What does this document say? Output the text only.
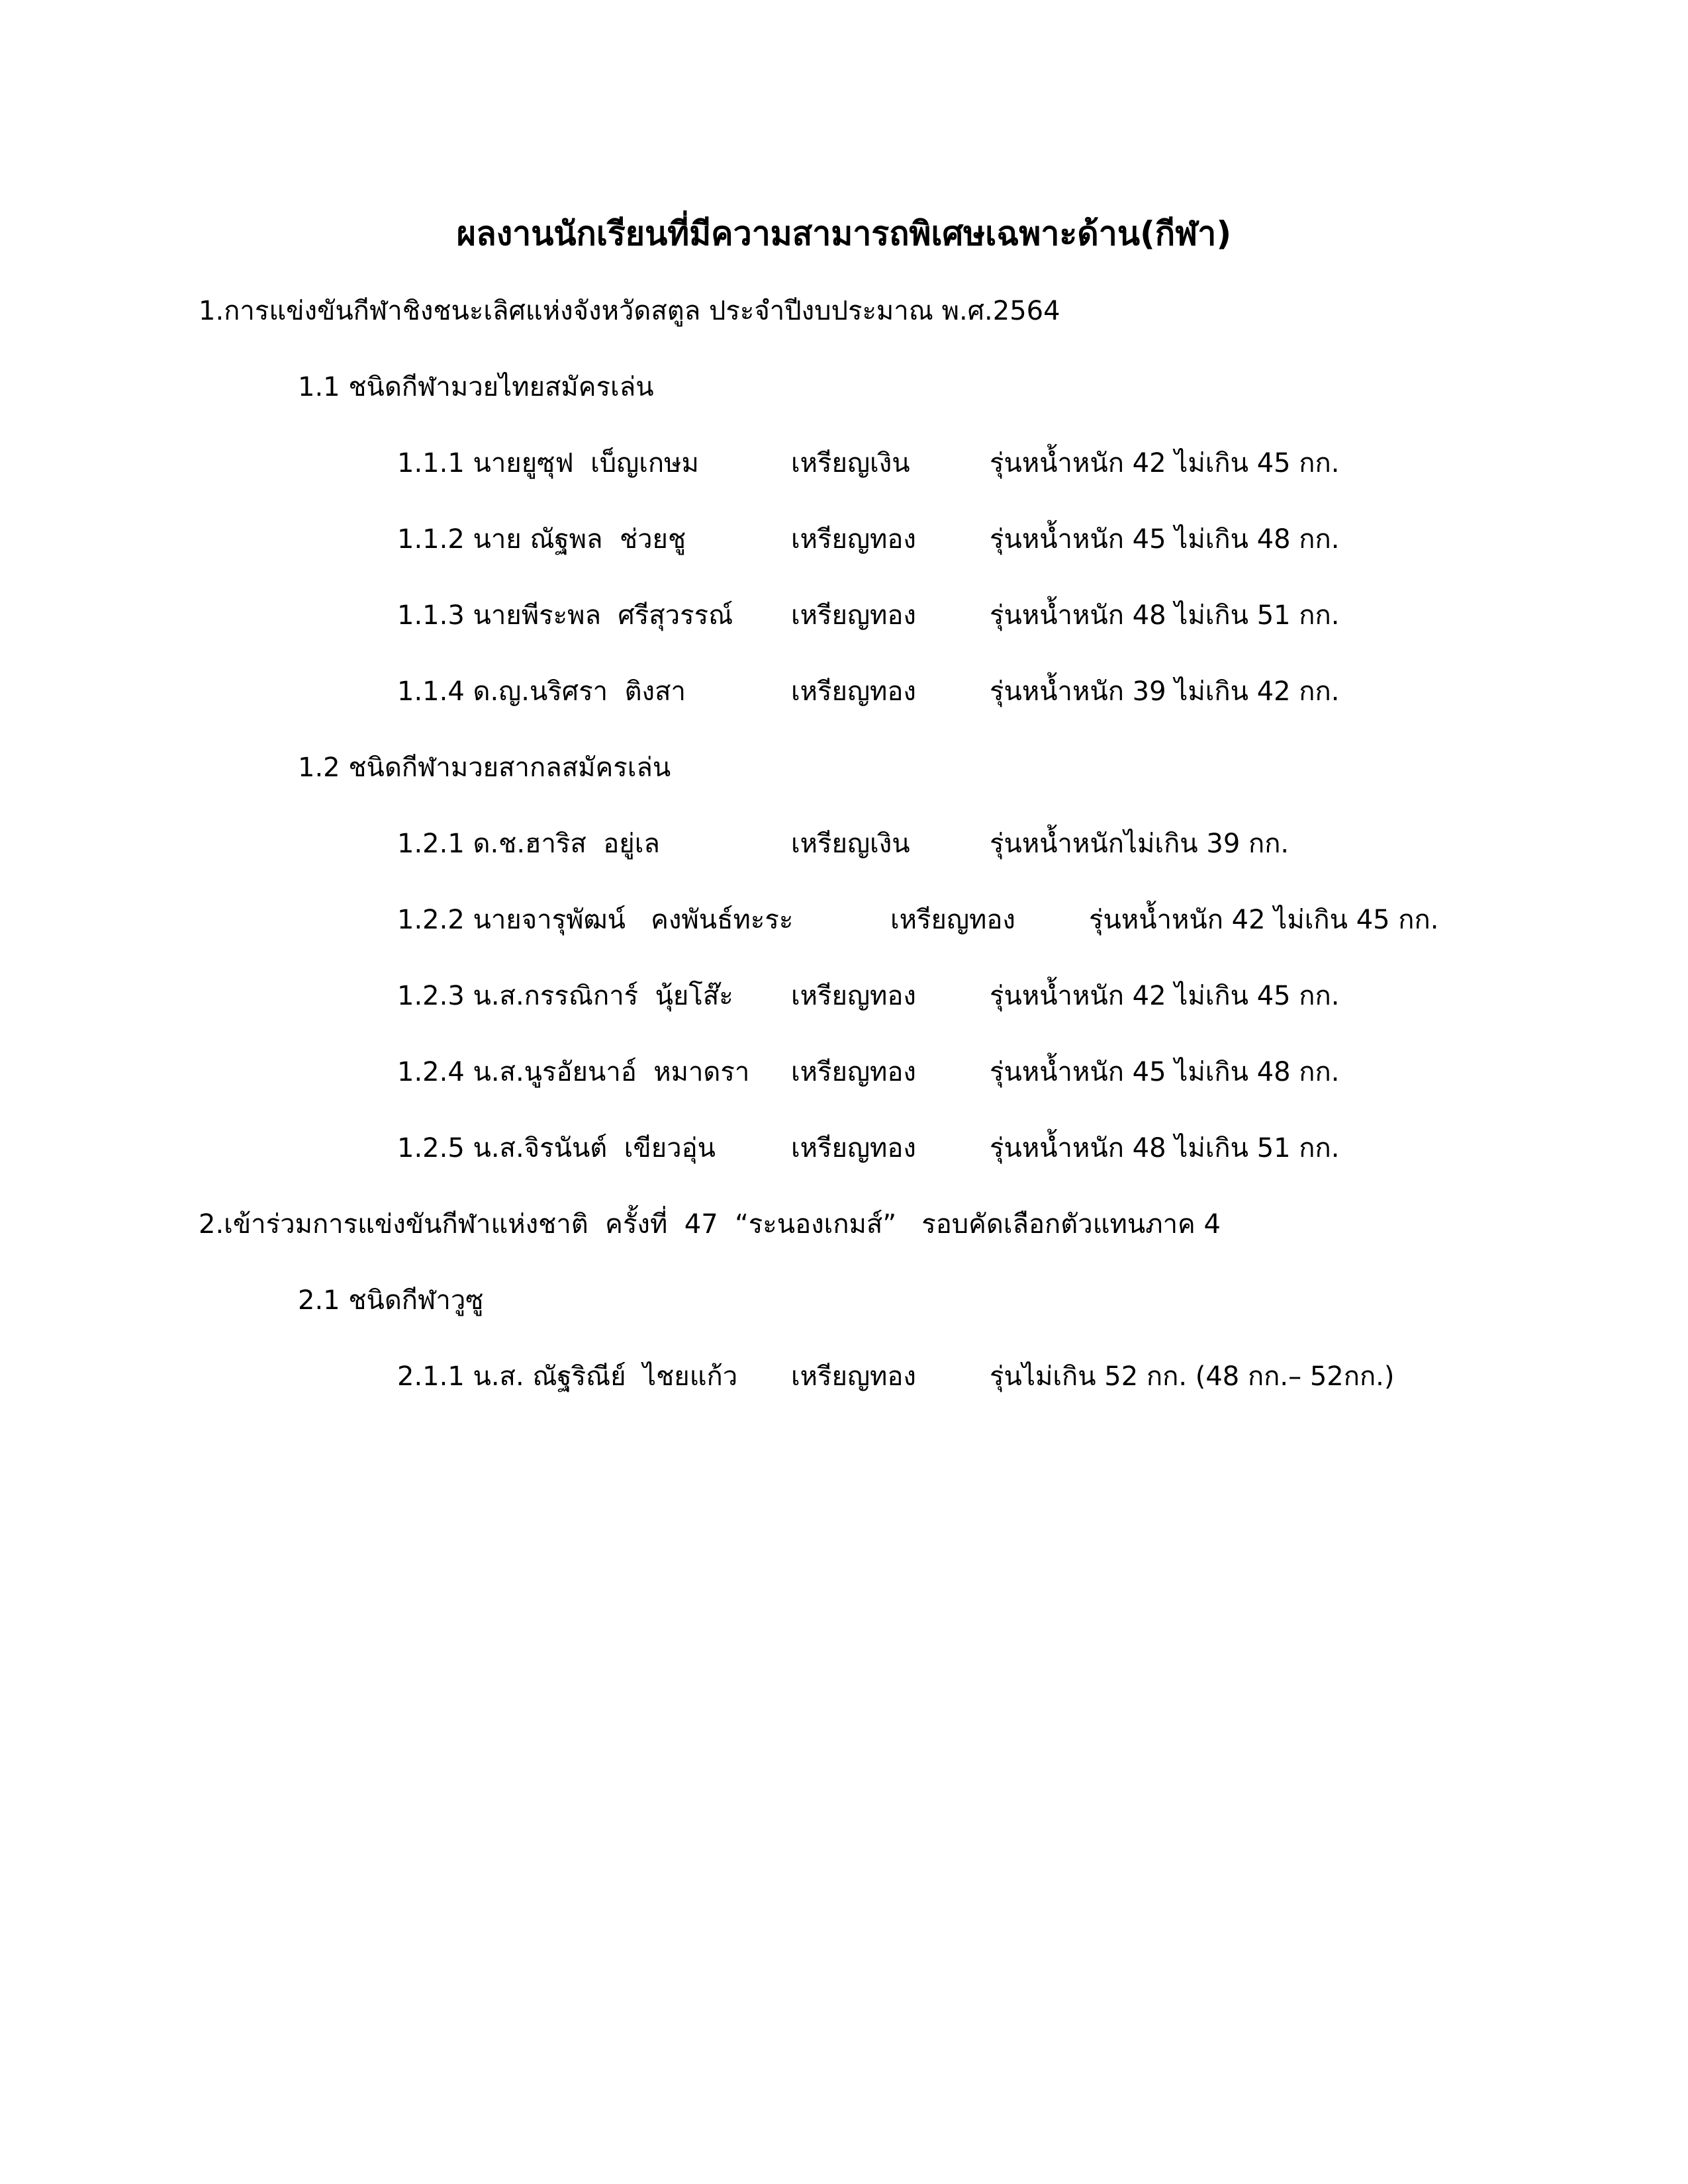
ผลงานนักเรียนที่มีความสามารถพิเศษเฉพาะด้าน(กีฬา)
1.การแข่งขันกีฬาชิงชนะเลิศแห่งจังหวัดสตูล ประจำปีงบประมาณ พ.ศ.2564
1.1 ชนิดกีฬามวยไทยสมัครเล่น
1.1.1 นายยูซุฟ  เบ็ญเกษม	เหรียญเงิน	รุ่นหน้ำหนัก 42 ไม่เกิน 45 กก.
1.1.2 นาย ณัฐพล  ช่วยชู	เหรียญทอง	รุ่นหน้ำหนัก 45 ไม่เกิน 48 กก.
1.1.3 นายพีระพล  ศรีสุวรรณ์ เหรียญทอง	รุ่นหน้ำหนัก 48 ไม่เกิน 51 กก.
1.1.4 ด.ญ.นริศรา  ติงสา	เหรียญทอง	รุ่นหน้ำหนัก 39 ไม่เกิน 42 กก.
1.2 ชนิดกีฬามวยสากลสมัครเล่น
1.2.1 ด.ช.ฮาริส  อยู่เล	เหรียญเงิน	รุ่นหน้ำหนักไม่เกิน 39 กก.
1.2.2 นายจารุพัฒน์   คงพันธ์ทะระ	เหรียญทอง	รุ่นหน้ำหนัก 42 ไม่เกิน 45 กก.
1.2.3 น.ส.กรรณิการ์  นุ้ยโส๊ะ เหรียญทอง	รุ่นหน้ำหนัก 42 ไม่เกิน 45 กก.
1.2.4 น.ส.นูรอัยนาอ์  หมาดรา เหรียญทอง	รุ่นหน้ำหนัก 45 ไม่เกิน 48 กก.
1.2.5 น.ส.จิรนันต์  เขียวอุ่น	เหรียญทอง	รุ่นหน้ำหนัก 48 ไม่เกิน 51 กก.
2.เข้าร่วมการแข่งขันกีฬาแห่งชาติ  ครั้งที่  47  “ระนองเกมส์”   รอบคัดเลือกตัวแทนภาค 4
2.1 ชนิดกีฬาวูซู
2.1.1 น.ส. ณัฐริณีย์  ไชยแก้ว เหรียญทอง	รุ่นไม่เกิน 52 กก. (48 กก.– 52กก.)
